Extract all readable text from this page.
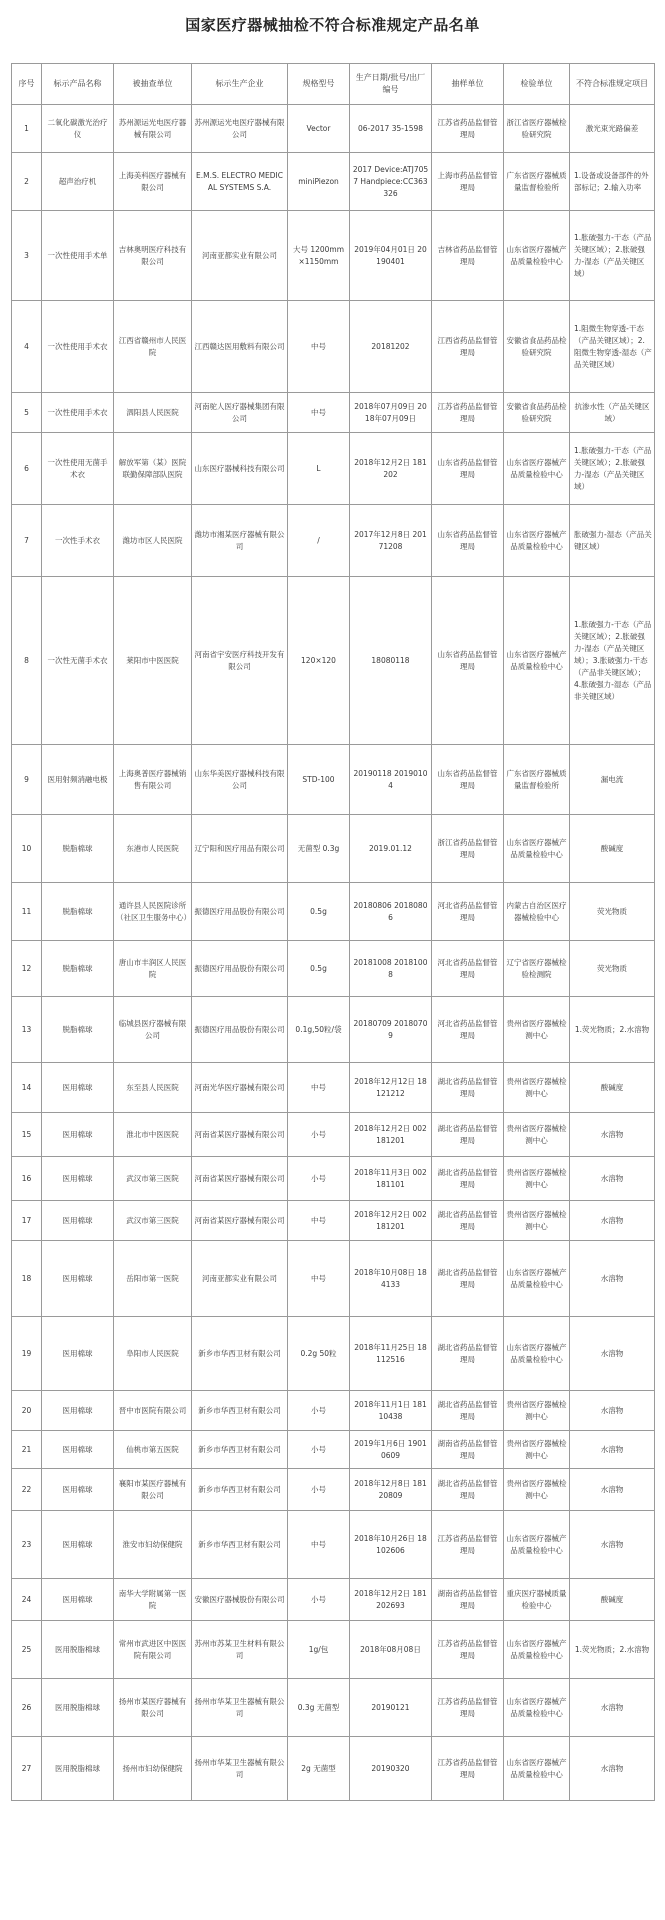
国家医疗器械抽检不符合标准规定产品名单
序号	标示产品名称	被抽查单位	标示生产企业	规格型号	生产日期/批号/出厂编号	抽样单位	检验单位	不符合标准规定项目
1	二氧化碳激光治疗仪	苏州源运光电医疗器械有限公司	苏州源运光电医疗器械有限公司	Vector	06-2017 35-1598	江苏省药品监督管理局	浙江省医疗器械检验研究院	激光束光路偏差
2	超声治疗机	上海美科医疗器械有限公司	E.M.S. ELECTRO MEDICAL SYSTEMS S.A.	miniPiezon	2017 Device:ATJ7057 Handpiece:CC363326	上海市药品监督管理局	广东省医疗器械质量监督检验所	1.设备或设备部件的外部标记；2.输入功率
3	一次性使用手术单	吉林奥明医疗科技有限公司	河南亚都实业有限公司	大号 1200mm×1150mm	2019年04月01日 20190401	吉林省药品监督管理局	山东省医疗器械产品质量检验中心	1.胀破强力-干态（产品关键区域）；2.胀破强力-湿态（产品关键区域）
4	一次性使用手术衣	江西省赣州市人民医院	江西赣达医用敷料有限公司	中号	20181202	江西省药品监督管理局	安徽省食品药品检验研究院	1.阻微生物穿透-干态（产品关键区域）；2.阻微生物穿透-湿态（产品关键区域）
5	一次性使用手术衣	泗阳县人民医院	河南驼人医疗器械集团有限公司	中号	2018年07月09日 2018年07月09日	江苏省药品监督管理局	安徽省食品药品检验研究院	抗渗水性（产品关键区域）
6	一次性使用无菌手术衣	解放军第（某）医院联勤保障部队医院	山东医疗器械科技有限公司	L	2018年12月2日 181202	山东省药品监督管理局	山东省医疗器械产品质量检验中心	1.胀破强力-干态（产品关键区域）；2.胀破强力-湿态（产品关键区域）
7	一次性手术衣	潍坊市区人民医院	潍坊市湘某医疗器械有限公司	/	2017年12月8日 20171208	山东省药品监督管理局	山东省医疗器械产品质量检验中心	胀破强力-湿态（产品关键区域）
8	一次性无菌手术衣	莱阳市中医医院	河南省宇安医疗科技开发有限公司	120×120	18080118	山东省药品监督管理局	山东省医疗器械产品质量检验中心	1.胀破强力-干态（产品关键区域）；2.胀破强力-湿态（产品关键区域）；3.胀破强力-干态（产品非关键区域）；4.胀破强力-湿态（产品非关键区域）
9	医用射频消融电极	上海奥普医疗器械销售有限公司	山东华美医疗器械科技有限公司	STD-100	20190118 20190104	山东省药品监督管理局	广东省医疗器械质量监督检验所	漏电流
10	脱脂棉球	东港市人民医院	辽宁阳和医疗用品有限公司	无菌型 0.3g	2019.01.12	浙江省药品监督管理局	山东省医疗器械产品质量检验中心	酸碱度
11	脱脂棉球	通许县人民医院诊所（社区卫生服务中心）	振德医疗用品股份有限公司	0.5g	20180806 20180806	河北省药品监督管理局	内蒙古自治区医疗器械检验中心	荧光物质
12	脱脂棉球	唐山市丰润区人民医院	振德医疗用品股份有限公司	0.5g	20181008 20181008	河北省药品监督管理局	辽宁省医疗器械检验检测院	荧光物质
13	脱脂棉球	临城县医疗器械有限公司	振德医疗用品股份有限公司	0.1g,50粒/袋	20180709 20180709	河北省药品监督管理局	贵州省医疗器械检测中心	1.荧光物质；2.水溶物
14	医用棉球	东至县人民医院	河南光华医疗器械有限公司	中号	2018年12月12日 18121212	湖北省药品监督管理局	贵州省医疗器械检测中心	酸碱度
15	医用棉球	淮北市中医医院	河南省某医疗器械有限公司	小号	2018年12月2日 002181201	湖北省药品监督管理局	贵州省医疗器械检测中心	水溶物
16	医用棉球	武汉市第三医院	河南省某医疗器械有限公司	小号	2018年11月3日 002181101	湖北省药品监督管理局	贵州省医疗器械检测中心	水溶物
17	医用棉球	武汉市第三医院	河南省某医疗器械有限公司	中号	2018年12月2日 002181201	湖北省药品监督管理局	贵州省医疗器械检测中心	水溶物
18	医用棉球	岳阳市第一医院	河南亚都实业有限公司	中号	2018年10月08日 184133	湖北省药品监督管理局	山东省医疗器械产品质量检验中心	水溶物
19	医用棉球	阜阳市人民医院	新乡市华西卫材有限公司	0.2g 50粒	2018年11月25日 18112516	湖北省药品监督管理局	山东省医疗器械产品质量检验中心	水溶物
20	医用棉球	晋中市医院有限公司	新乡市华西卫材有限公司	小号	2018年11月1日 18110438	湖北省药品监督管理局	贵州省医疗器械检测中心	水溶物
21	医用棉球	仙桃市第五医院	新乡市华西卫材有限公司	小号	2019年1月6日 19010609	湖南省药品监督管理局	贵州省医疗器械检测中心	水溶物
22	医用棉球	襄阳市某医疗器械有限公司	新乡市华西卫材有限公司	小号	2018年12月8日 18120809	湖北省药品监督管理局	贵州省医疗器械检测中心	水溶物
23	医用棉球	淮安市妇幼保健院	新乡市华西卫材有限公司	中号	2018年10月26日 18102606	江苏省药品监督管理局	山东省医疗器械产品质量检验中心	水溶物
24	医用棉球	南华大学附属第一医院	安徽医疗器械股份有限公司	小号	2018年12月2日 181202693	湖南省药品监督管理局	重庆医疗器械质量检验中心	酸碱度
25	医用脱脂棉球	常州市武进区中医医院有限公司	苏州市苏某卫生材料有限公司	1g/包	2018年08月08日	江苏省药品监督管理局	山东省医疗器械产品质量检验中心	1.荧光物质；2.水溶物
26	医用脱脂棉球	扬州市某医疗器械有限公司	扬州市华某卫生器械有限公司	0.3g 无菌型	20190121	江苏省药品监督管理局	山东省医疗器械产品质量检验中心	水溶物
27	医用脱脂棉球	扬州市妇幼保健院	扬州市华某卫生器械有限公司	2g 无菌型	20190320	江苏省药品监督管理局	山东省医疗器械产品质量检验中心	水溶物
